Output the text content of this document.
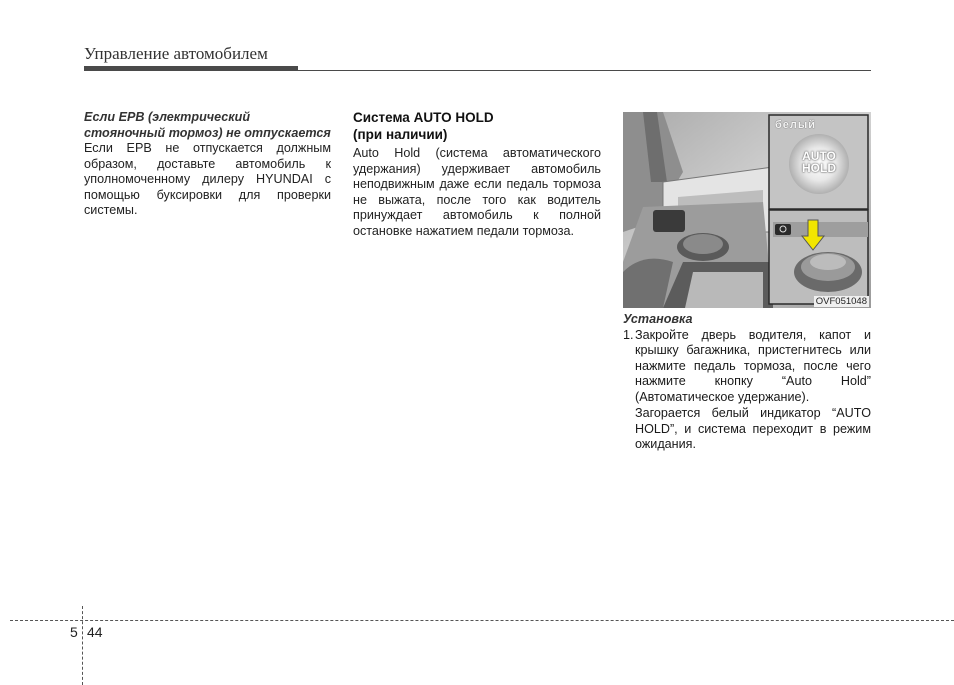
Управление автомобилем
Если EPB (электрический стояночный тормоз) не отпускается

Если EPB не отпускается должным образом, доставьте автомобиль к уполномоченному дилеру HYUNDAI с помощью буксировки для проверки системы.

Система AUTO HOLD
(при наличии)

Auto Hold (система автоматического удержания) удерживает автомобиль неподвижным даже если педаль тормоза не выжата, после того как водитель принуждает автомобиль к полной остановке нажатием педали тормоза.

белый
AUTO
HOLD
OVF051048
Установка
1. Закройте дверь водителя, капот и крышку багажника, пристегнитесь или нажмите педаль тормоза, после чего нажмите кнопку “Auto Hold” (Автоматическое удержание).
Загорается белый индикатор “AUTO HOLD”, и система переходит в режим ожидания.
5 44
